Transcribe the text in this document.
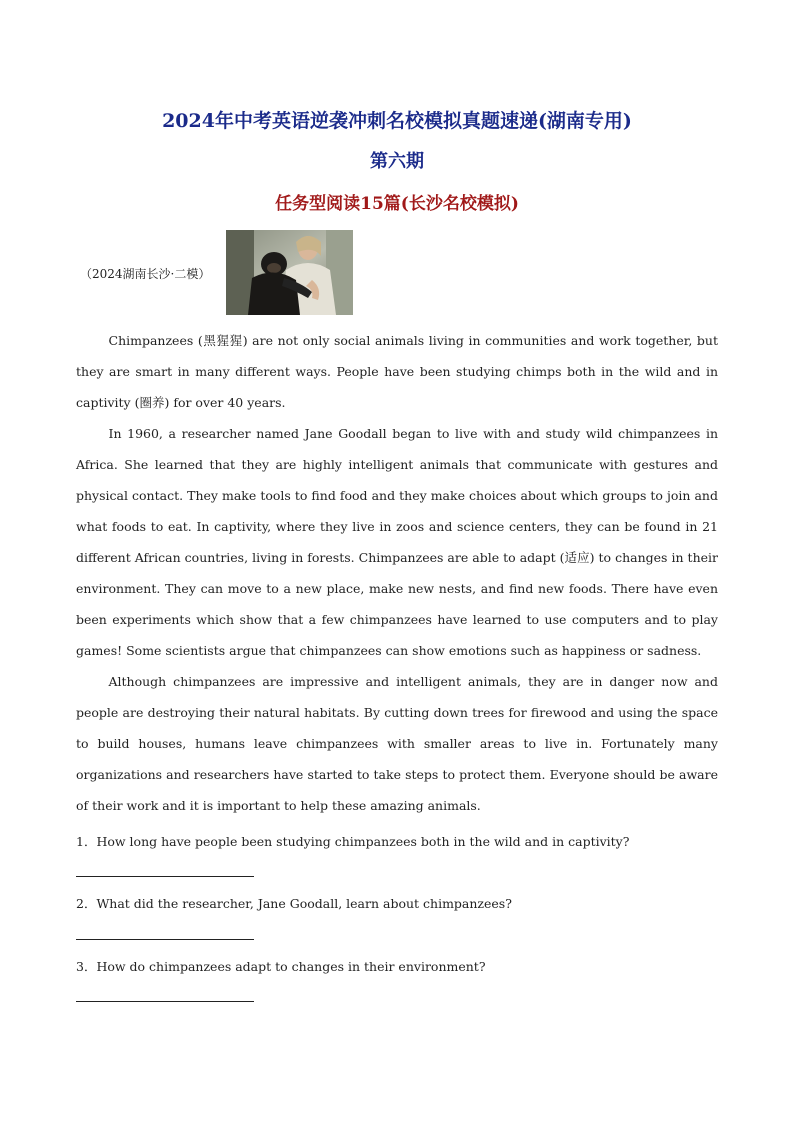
2024年中考英语逆袭冲刺名校模拟真题速递(湖南专用)
第六期
任务型阅读15篇(长沙名校模拟)
（2024湖南长沙·二模）

Chimpanzees (黑猩猩) are not only social animals living in communities and work together, but they are smart in many different ways. People have been studying chimps both in the wild and in captivity (圈养) for over 40 years.

In 1960, a researcher named Jane Goodall began to live with and study wild chimpanzees in Africa. She learned that they are highly intelligent animals that communicate with gestures and physical contact. They make tools to find food and they make choices about which groups to join and what foods to eat. In captivity, where they live in zoos and science centers, they can be found in 21 different African countries, living in forests. Chimpanzees are able to adapt (适应) to changes in their environment. They can move to a new place, make new nests, and find new foods. There have even been experiments which show that a few chimpanzees have learned to use computers and to play games! Some scientists argue that chimpanzees can show emotions such as happiness or sadness.

Although chimpanzees are impressive and intelligent animals, they are in danger now and people are destroying their natural habitats. By cutting down trees for firewood and using the space to build houses, humans leave chimpanzees with smaller areas to live in. Fortunately many organizations and researchers have started to take steps to protect them. Everyone should be aware of their work and it is important to help these amazing animals.

1．How long have people been studying chimpanzees both in the wild and in captivity?
2．What did the researcher, Jane Goodall, learn about chimpanzees?
3．How do chimpanzees adapt to changes in their environment?
